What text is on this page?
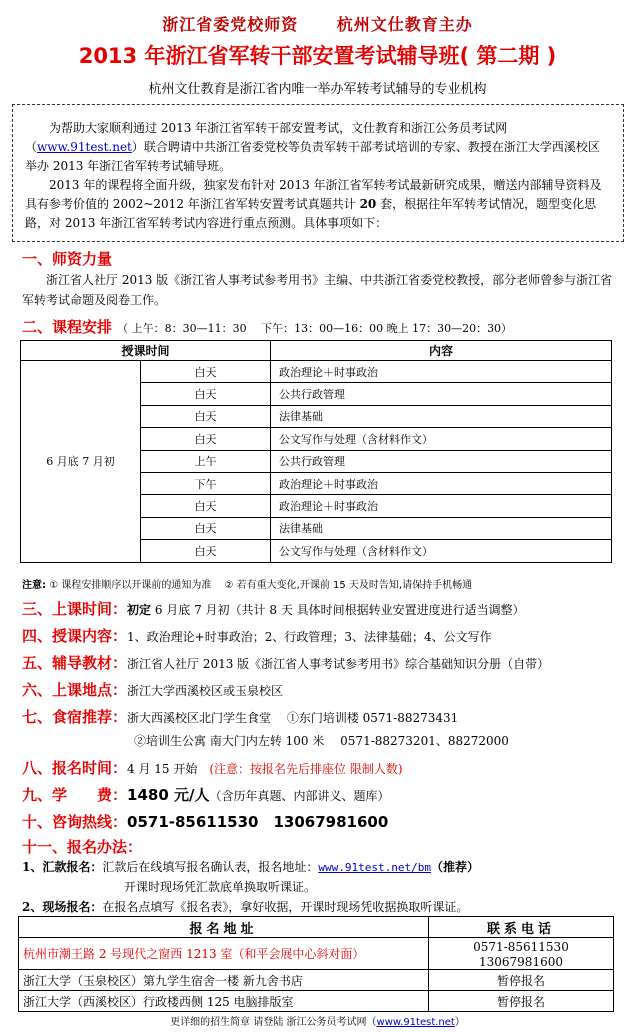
浙江省委党校师资 杭州文仕教育主办
2013 年浙江省军转干部安置考试辅导班( 第二期 )
杭州文仕教育是浙江省内唯一举办军转考试辅导的专业机构

为帮助大家顺利通过 2013 年浙江省军转干部安置考试，文仕教育和浙江公务员考试网（www.91test.net）联合聘请中共浙江省委党校等负责军转干部考试培训的专家、教授在浙江大学西溪校区举办 2013 年浙江省军转考试辅导班。

2013 年的课程将全面升级，独家发布针对 2013 年浙江省军转考试最新研究成果，赠送内部辅导资料及具有参考价值的 2002~2012 年浙江省军转安置考试真题共计 20 套，根据往年军转考试情况，题型变化思路，对 2013 年浙江省军转考试内容进行重点预测。具体事项如下：

一、师资力量
浙江省人社厅 2013 版《浙江省人事考试参考用书》主编、中共浙江省委党校教授，部分老师曾参与浙江省军转考试命题及阅卷工作。
二、课程安排 （ 上午：8：30—11：30　 下午：13：00—16：00 晚上 17：30—20：30）
授课时间		内容
6 月底 7 月初	白天	政治理论＋时事政治
	白天	公共行政管理
	白天	法律基础
	白天	公文写作与处理（含材料作文）
	上午	公共行政管理
	下午	政治理论＋时事政治
	白天	政治理论＋时事政治
	白天	法律基础
	白天	公文写作与处理（含材料作文）
注意: ① 课程安排顺序以开课前的通知为准　 ② 若有重大变化,开课前 15 天及时告知,请保持手机畅通
三、上课时间：初定 6 月底 7 月初（共计 8 天 具体时间根据转业安置进度进行适当调整）
四、授课内容：1、政治理论+时事政治；2、行政管理；3、法律基础；4、公文写作
五、辅导教材：浙江省人社厅 2013 版《浙江省人事考试参考用书》综合基础知识分册（自带）
六、上课地点：浙江大学西溪校区或玉泉校区
七、食宿推荐：浙大西溪校区北门学生食堂　 ①东门培训楼 0571-88273431
②培训生公寓 南大门内左转 100 米　 0571-88273201、88272000
八、报名时间：4 月 15 开始　(注意：按报名先后排座位 限制人数)
九、学　　费：1480 元/人（含历年真题、内部讲义、题库）
十、咨询热线：0571-85611530　13067981600
十一、报名办法：
1、汇款报名：汇款后在线填写报名确认表，报名地址：www.91test.net/bm（推荐）
开课时现场凭汇款底单换取听课证。
2、现场报名：在报名点填写《报名表》，拿好收据，开课时现场凭收据换取听课证。
报名地址	联系电话
杭州市潮王路 2 号现代之窗西 1213 室（和平会展中心斜对面）	0571-85611530　13067981600
浙江大学（玉泉校区）第九学生宿舍一楼 新九舍书店	暂停报名
浙江大学（西溪校区）行政楼西侧 125 电脑排版室	暂停报名
更详细的招生简章 请登陆 浙江公务员考试网（www.91test.net）
